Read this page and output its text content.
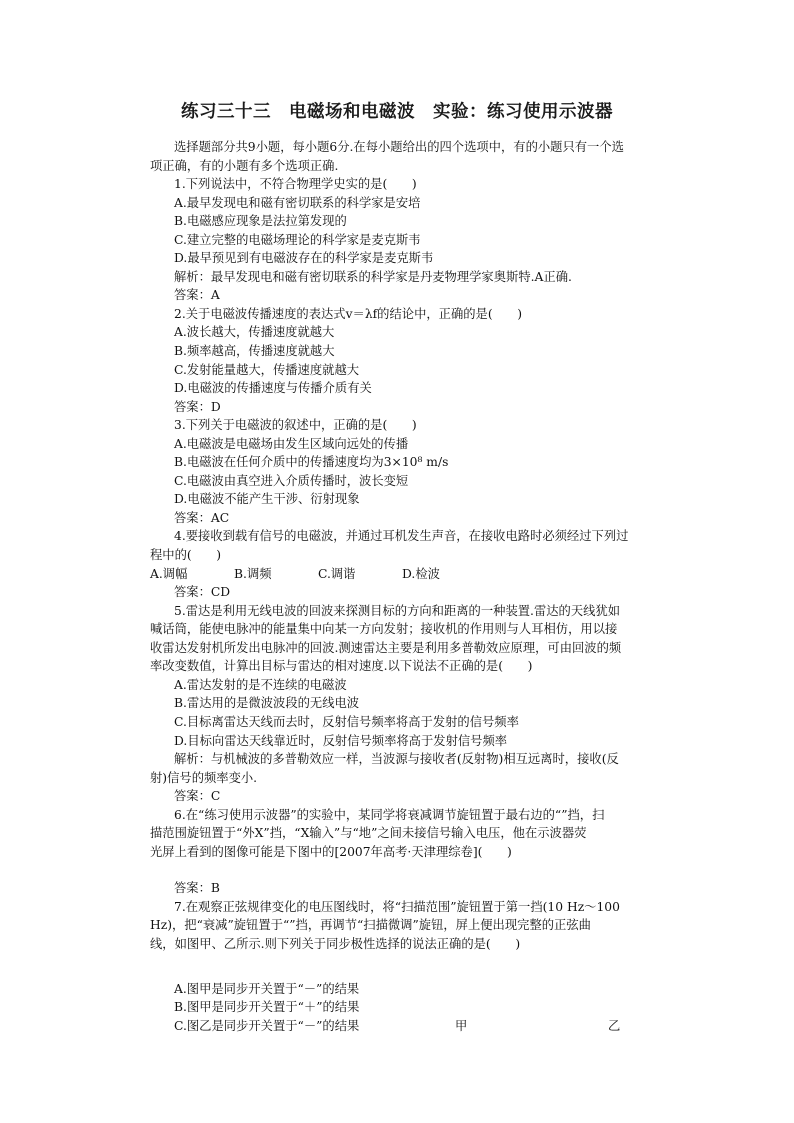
练习三十三　电磁场和电磁波　实验：练习使用示波器

选择题部分共9小题，每小题6分.在每小题给出的四个选项中，有的小题只有一个选

项正确，有的小题有多个选项正确.

1.下列说法中，不符合物理学史实的是(　　)

A.最早发现电和磁有密切联系的科学家是安培

B.电磁感应现象是法拉第发现的

C.建立完整的电磁场理论的科学家是麦克斯韦

D.最早预见到有电磁波存在的科学家是麦克斯韦

解析：最早发现电和磁有密切联系的科学家是丹麦物理学家奥斯特.A正确.

答案：A

2.关于电磁波传播速度的表达式v＝λf的结论中，正确的是(　　)

A.波长越大，传播速度就越大

B.频率越高，传播速度就越大

C.发射能量越大，传播速度就越大

D.电磁波的传播速度与传播介质有关

答案：D

3.下列关于电磁波的叙述中，正确的是(　　)

A.电磁波是电磁场由发生区域向远处的传播

B.电磁波在任何介质中的传播速度均为3×10⁸ m/s

C.电磁波由真空进入介质传播时，波长变短

D.电磁波不能产生干涉、衍射现象

答案：AC

4.要接收到载有信号的电磁波，并通过耳机发生声音，在接收电路时必须经过下列过

程中的(　　)

A.调幅	B.调频	C.调谐	D.检波

答案：CD

5.雷达是利用无线电波的回波来探测目标的方向和距离的一种装置.雷达的天线犹如

喊话筒，能使电脉冲的能量集中向某一方向发射；接收机的作用则与人耳相仿，用以接

收雷达发射机所发出电脉冲的回波.测速雷达主要是利用多普勒效应原理，可由回波的频

率改变数值，计算出目标与雷达的相对速度.以下说法不正确的是(　　)

A.雷达发射的是不连续的电磁波

B.雷达用的是微波波段的无线电波

C.目标离雷达天线而去时，反射信号频率将高于发射的信号频率

D.目标向雷达天线靠近时，反射信号频率将高于发射信号频率

解析：与机械波的多普勒效应一样，当波源与接收者(反射物)相互远离时，接收(反

射)信号的频率变小.

答案：C

6.在“练习使用示波器”的实验中，某同学将衰减调节旋钮置于最右边的“”挡，扫

描范围旋钮置于“外X”挡，“X输入”与“地”之间未接信号输入电压，他在示波器荧

光屏上看到的图像可能是下图中的[2007年高考·天津理综卷](　　)

答案：B

7.在观察正弦规律变化的电压图线时，将“扫描范围”旋钮置于第一挡(10 Hz～100

Hz)，把“衰减”旋钮置于“”挡，再调节“扫描微调”旋钮，屏上便出现完整的正弦曲

线，如图甲、乙所示.则下列关于同步极性选择的说法正确的是(　　)

A.图甲是同步开关置于“－”的结果

B.图甲是同步开关置于“＋”的结果

C.图乙是同步开关置于“－”的结果	甲	乙
